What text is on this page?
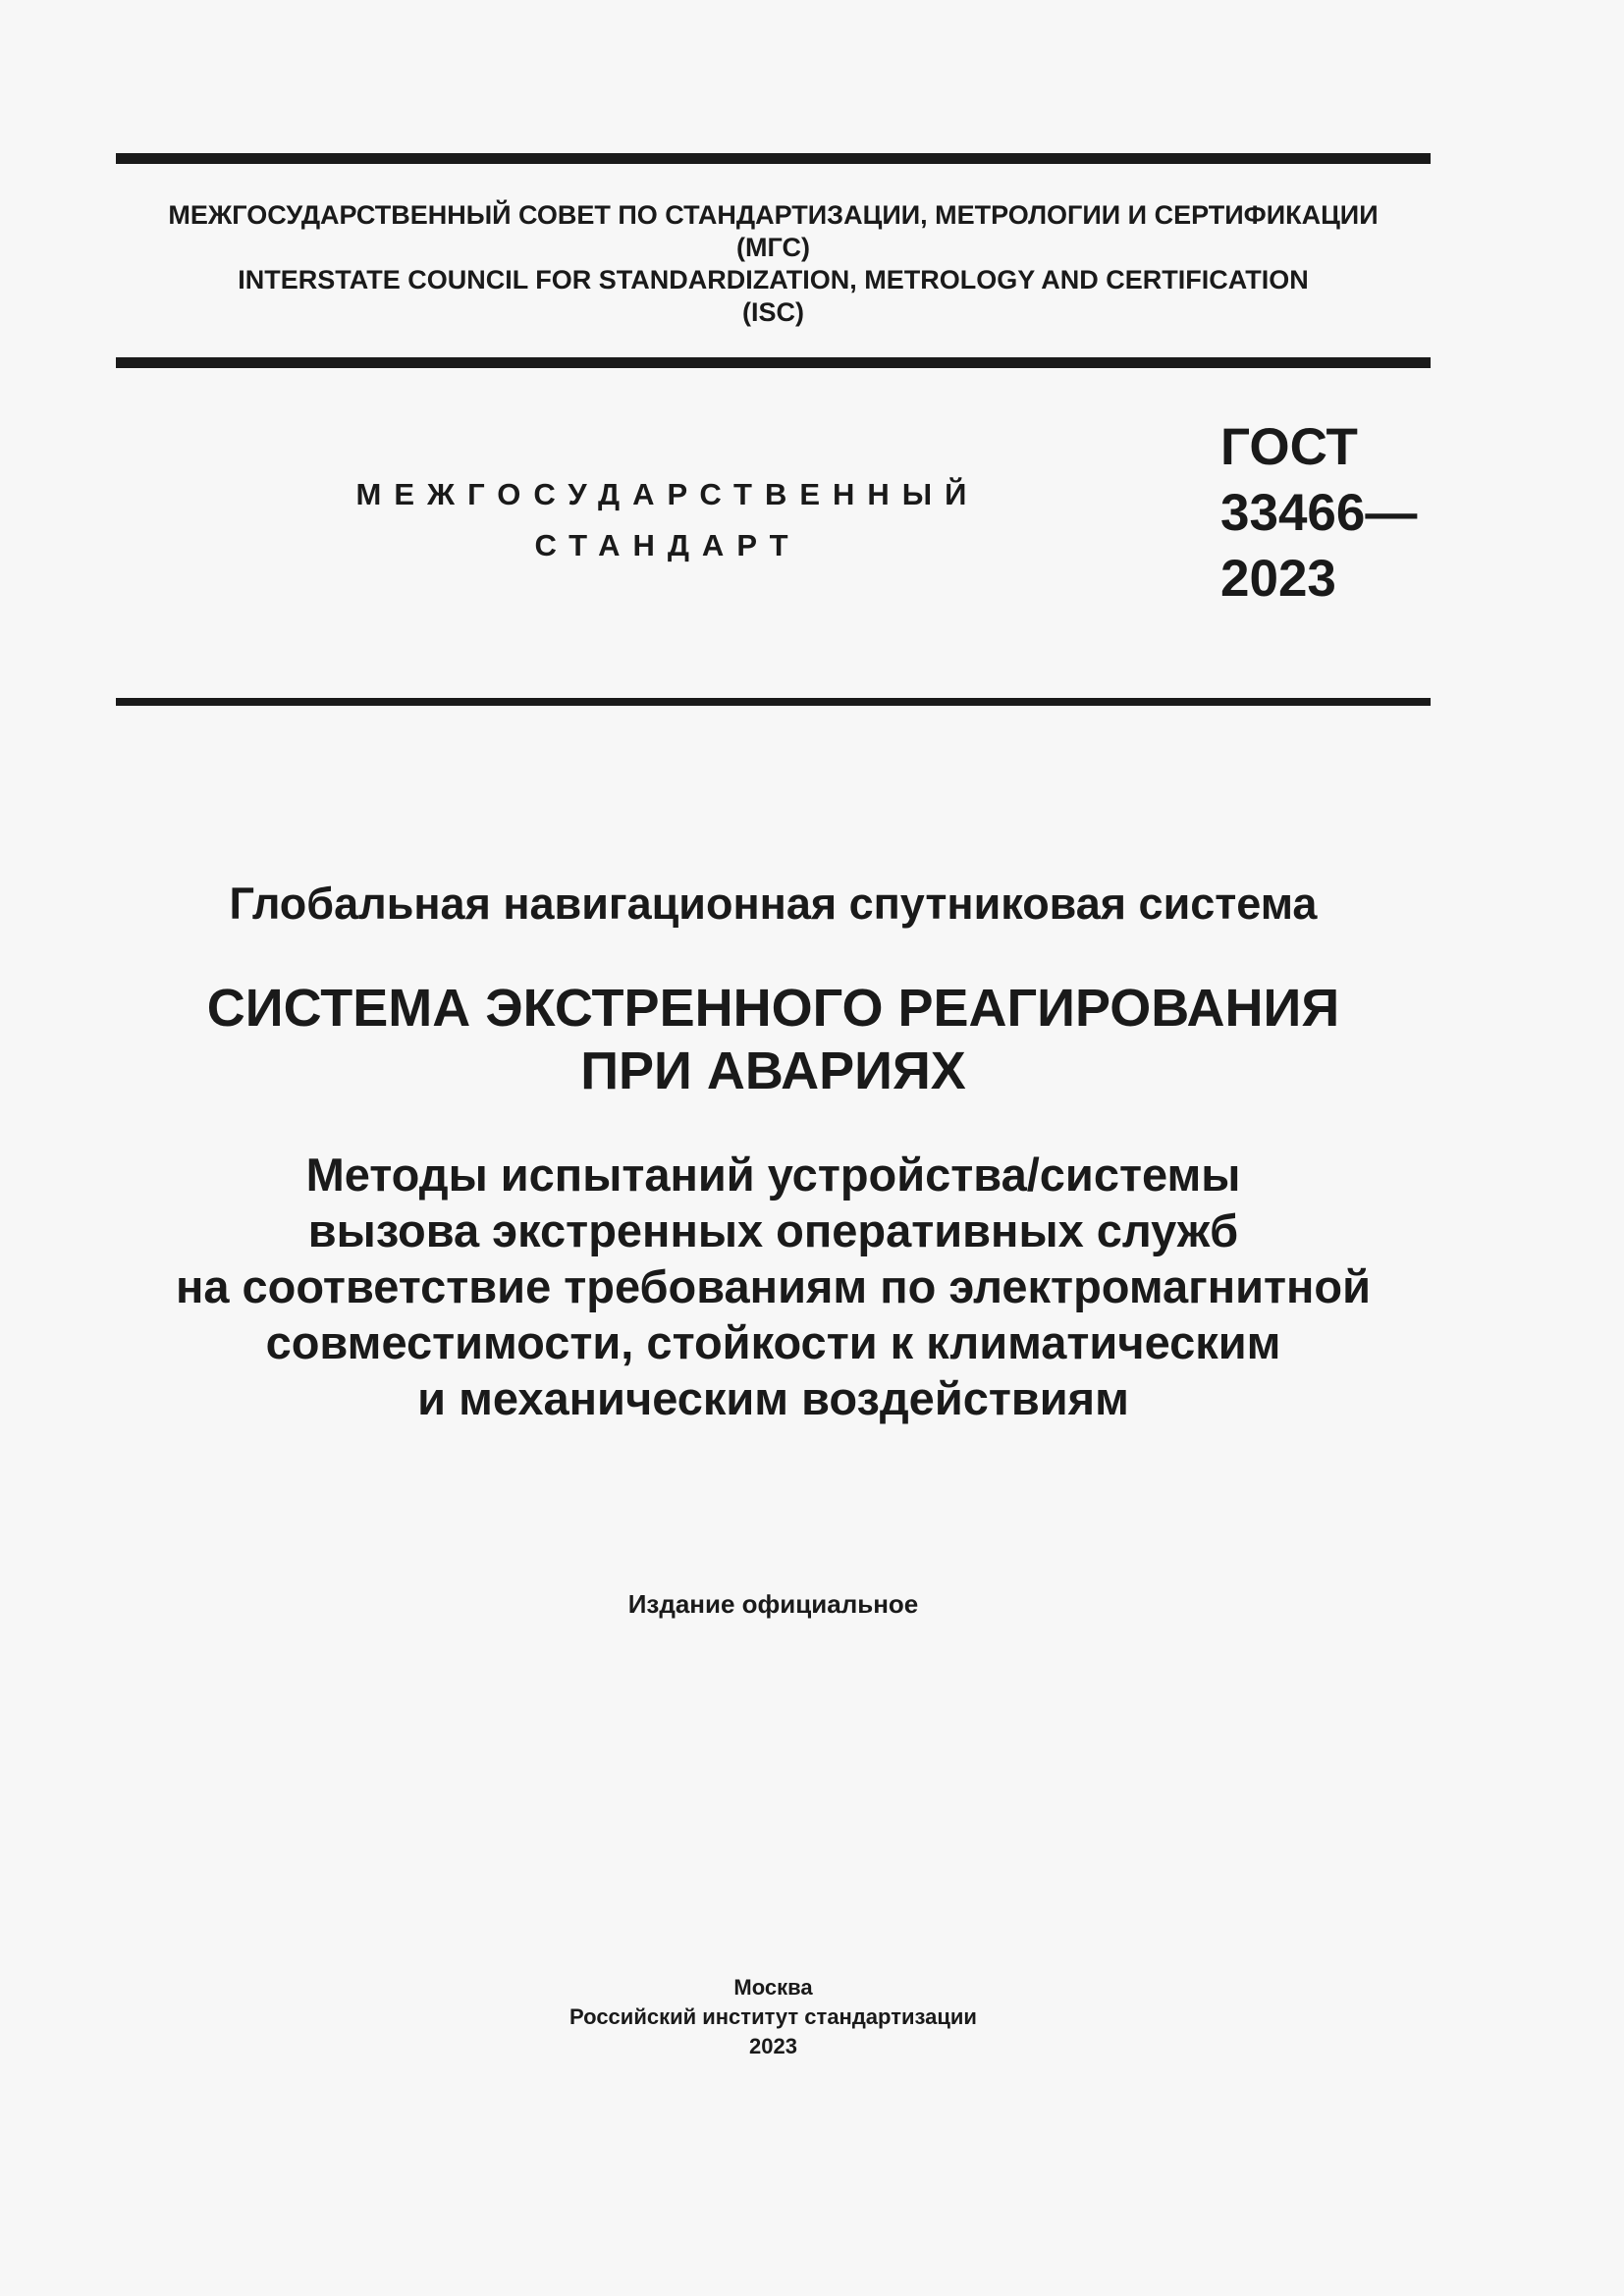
МЕЖГОСУДАРСТВЕННЫЙ СОВЕТ ПО СТАНДАРТИЗАЦИИ, МЕТРОЛОГИИ И СЕРТИФИКАЦИИ
(МГС)
INTERSTATE COUNCIL FOR STANDARDIZATION, METROLOGY AND CERTIFICATION
(ISC)
МЕЖГОСУДАРСТВЕННЫЙ
СТАНДАРТ
ГОСТ
33466—
2023
Глобальная навигационная спутниковая система
СИСТЕМА ЭКСТРЕННОГО РЕАГИРОВАНИЯ
ПРИ АВАРИЯХ
Методы испытаний устройства/системы
вызова экстренных оперативных служб
на соответствие требованиям по электромагнитной
совместимости, стойкости к климатическим
и механическим воздействиям
Издание официальное
Москва
Российский институт стандартизации
2023
